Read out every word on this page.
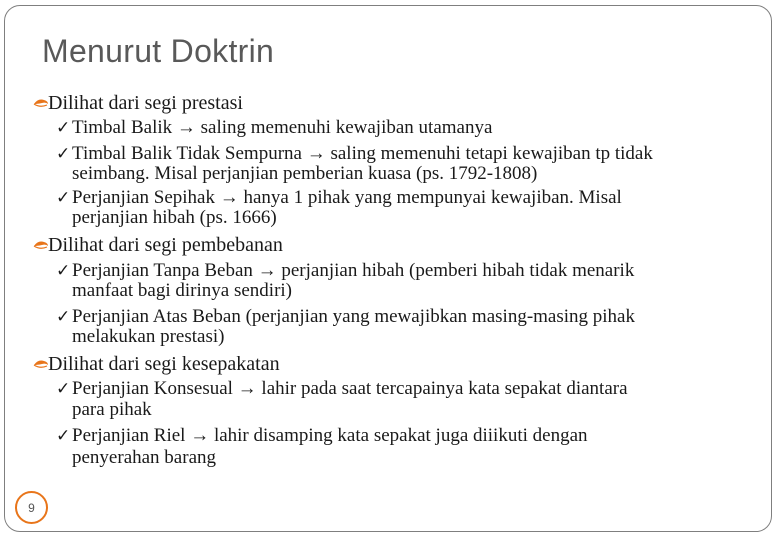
Menurut Doktrin
Dilihat dari segi prestasi
✓ Timbal Balik → saling memenuhi kewajiban utamanya
✓ Timbal Balik Tidak Sempurna → saling memenuhi tetapi kewajiban tp tidak
seimbang. Misal perjanjian pemberian kuasa (ps. 1792-1808)
✓ Perjanjian Sepihak → hanya 1 pihak yang mempunyai kewajiban. Misal
perjanjian hibah (ps. 1666)
Dilihat dari segi pembebanan
✓ Perjanjian Tanpa Beban → perjanjian hibah (pemberi hibah tidak menarik
manfaat bagi dirinya sendiri)
✓ Perjanjian Atas Beban (perjanjian yang mewajibkan masing-masing pihak
melakukan prestasi)
Dilihat dari segi kesepakatan
✓ Perjanjian Konsesual → lahir pada saat tercapainya kata sepakat diantara
para pihak
✓ Perjanjian Riel → lahir disamping kata sepakat juga diiikuti dengan
penyerahan barang
9
